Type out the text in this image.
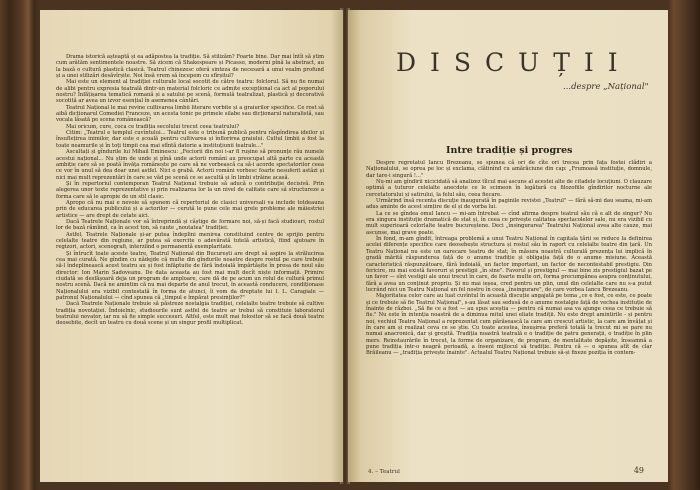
Drama istorică așteaptă și ea adăpostea la tradiție. Să stilizăm? Foarte bine. Dar mai întîi să știm cum arătăm sentimentele noastre. Să zicem că Shakespeare și Picasso, moderni pînă la abstract, au la bază o cultură plastică clasică. Teatrul chinezesc oferă sinteza de necesară a unui vealm profund și a unei stilizări desăvîrșite. Noi însă vrem să începem cu sfîrșitul?

Mai este un element al tradiției culturale local socotit de către teatru: folclorul. Să nu fie numai de alibi pentru expresia teatrală dintr-un material folcloric ce admite excepțional ca act al poporului nostru? Înfățișarea tematică romană și a satului pe scenă, formulă teatralizat, plastică și decorativă socotită ar avea un izvor esențial în asemenea cântări.

Teatrul Național le mai revine cultivarea limbii literare vorbite și a graiurilor specifice. Ce rost să aibă dicționarul Comediei Franceze, un acesta tonic pe primele silabe sau dicționarul naturalistă, sau vocala lăsată pe scena românească?

Mai oricum, cure, coca ce tradiția secolului trecut ceea teatrului?

Citim: „Teatrul e templul cuvîntului... Teatrul este o tribună publică pentru răspîndirea ideilor și însuflețirea inimilor, dar este o școală pentru cultivarea și înflorirea graiului. Cultul limbii a fost la toate neamurile și în toți timpii cea mai sfîntă datorie a instituțiunii teatrale..."

Ascultați și gîndurile lui Mihail Eminescu: „Feciorii din noi i-ar fi rușine să pronunțe rău numele acestui național... Nu știm de unde și pînă unde actorii români au preocupat altă parte cu această ambiție care să se poată învăța românește pe care să ne vorbească ca să-i acorde spectatorilor ceea ce vor în unul să dea doar unei astfel. Nici o grabă. Actorii români vorbesc foarte nesuferit astăzi și nici mai mult reprezentări în care se văd pe scenă ce se ascultă și în limbi străine acasă.

Și în repertoriul contemporan Teatrul Național trebuie să aducă o contribuție decisivă. Prin alegerea unor texte reprezentative și prin realizarea lor la un nivel de calitate care să structureze a forma care să le apropie de un stil clasic.

Apropo că nu mai e nevoie să spunem că repertoriul de clasici universali va include totdeauna prin de educarea publicului și a actorilor — cerută le pune cele mai grele probleme ale măiestriei artistice — are drept de cetate aici.

Dacă Teatrele Naționale vor să întreprindă și câștige de formare noi, să-și facă studiouri, rostul lor de bază rămîind, ca în acest ton, să caute „noutatea" tradiției.

Astfel, Teatrele Naționale și-ar putea îndeplini menirea constituind centre de sprijin pentru celelalte teatre din regiune, ar putea să exercite o adevărată tutelă artistică, fiind ajutoare în regizori, actori, scenografi, interziînd o permanentă exemplaritate.

Și întrucît toate aceste teatre, Teatrul Național din București are drept să aspire la strălucirea cea mai curată. Ne gîndim cu nădejde că multe din gîndurile noastre despre rostul pe care trebuie să-l îndeplinească acest teatru au și fost înfăptuite de fără îndoială împărtășite în presa de noul său director: Ion Marin Sadoveanu. De data aceasta au fost mai mult decît niște informații. Primire ciudată se desfășoară deja un program de amploare, care dă de pe acum un rolul de cultură primul nostru scenă. Dacă ne amintim că nu mai departe de anul trecut, în această conducere, condiționase Naționalului era vizibil contestată în forma de atunci, îi vom da dreptate lui I. L. Caragiale — patronul Naționalului — cînd spunea că „timpul e împărat presimților?"

Dacă Teatrele Naționale trebuie să păstreze nostalgia tradiției, celelalte teatre trebuie să cultive tradiția novotației. Îndoielnic, studiourile sunt astfel de teatre ar trebui să constituie laboratorul teatrului novator, iar nu să fie simple succesuri. Altfel, este mult mai folositor să se facă două teatre deosebite, decît un teatru cu două scene și un singur profil multiplicat.

DISCUȚII
...despre „Național"
Intre tradiție și progres

Despre regretatul Iancu Brezeanu, se spunea că ori de cîte ori trecea prin fața fostei clădiri a Naționalului, se oprea pe loc și exclama, clătinînd cu amărăciune din cap: „Frumoasă instituție, domnule, dar tare-i singură !..."

Nu-mi am gîndirii nicicidată să analizez tîlcul mai ascuns al acestei alte de citadele locuțiuni. O clauzare optimă a tuturor celelalte anecdote ce le scimeon în legătură cu filozofiile gîndirilor nocturne ale cercetatorului și satirului, la felul său, ceea fiecare.

Urmărind însă recenta discuție inaugurată în paginile revistei „Teatrul" — fără să-mi dau seama, mi-am adus aminte de acest simțire de el și de vorba lui.

La ce se gîndea omul Iancu — mi-am întrebat — cînd afirma despre teatrul său că e alt de singur? Nu era singura instituție dramatică de stat și, în ceea ce privește calitatea spectacolelor sale, nu era vizibil cu mult superioară celorlalte teatre bucureștene. Deci „însingurarea" Teatrului Național avea alte cauze, mai ascunse, mai grave poate.

În fond, m-am gîndit, întreaga problemă a unui Teatru Național în capitala țării se reduce la definirea acelei diferențe specifice care deosebește structura și rostul său în raport cu celelalte teatre din țară. Un Teatru Național nu este un oarecare teatru de stat; în măsura noastră culturală prezența lui implică în gradă mărită răspunderea față de o anume tradiție și obligația față de o anume misiune. Această caracteristică răspunzătoare, fără îndoială, un factor important, un factor de necontestabil prestigiu. Din fericire, nu mai există favoruri și prestigii „în sine". Favorul și prestigiul — mai bine zis prestigiul bazat pe un favor — sînt vestigii ale unui trecut în care, de foarte multe ori, forma precumpănea asupra conținutului, fără a avea un conținut propriu. Și nu mai ieșea, cred pentru un plin, unul din celelalte care nu s-a putut lucrând nici un Teatru Național un fel nostru în ceea „însingurare", de care vorbea Iancu Brezeanu.

Majoritatea celor care au luat cuvîntul în această discuție angajată pe tema „ce e fost, ce este, ce poate și ce trebuie să fie Teatrul Național", s-au lăsat sau sedusă de o anume nostalgie față de vechea instituție de înainte de război. „Să fie ce a fost — au spus aceștia — pentru că numai asa va ajunge ceea ce trebuie să fie." Nu este în intenția noastră de a diminua mitul unei eliate tradiții. Nu este drept amintirile - și pentru noi, vechiul Teatru Național a reprezentat cum părăsească la care am crescut artistic, la care am învățat și în care am și realizat ceva ce se știe. Cu toate acestea, însușirea preferă totală la trecut mi se pare nu numai anacronică, dar și greșită. Tradiția noastră teatrală e o tradiție de patru generații, o tradiție în plin mers. Reinstaurările în trecut, la forme de organizare, de program, de mentalitate depășite, înseamnă a pune tradiția într-o neagră perioadă, a înseni mijlocul să tradiție. Pentru că — o spunea atît de clar Brăileanu — „tradiția privește înainte". Actualul Teatru Național trebuie să-și fixeze poziția în contem-

4. – Teatrul	49
